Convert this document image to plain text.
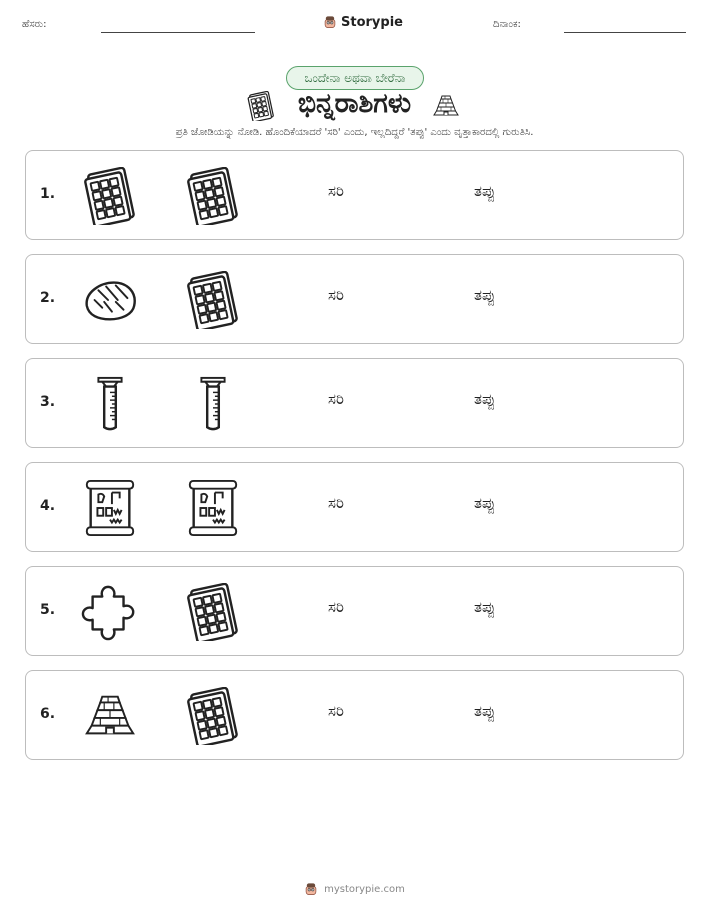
ಹೆಸರು:	Storypie	ದಿನಾಂಕ:
ಒಂದೇನಾ ಅಥವಾ ಬೇರೆನಾ
ಭಿನ್ನರಾಶಿಗಳು
ಪ್ರತಿ ಜೋಡಿಯನ್ನು ನೋಡಿ. ಹೊಂದಿಕೆಯಾದರೆ 'ಸರಿ' ಎಂದು, ಇಲ್ಲದಿದ್ದರೆ 'ತಪ್ಪು' ಎಂದು ವೃತ್ತಾಕಾರದಲ್ಲಿ ಗುರುತಿಸಿ.
1.	ಸರಿ	ತಪ್ಪು
2.	ಸರಿ	ತಪ್ಪು
3.	ಸರಿ	ತಪ್ಪು
4.	ಸರಿ	ತಪ್ಪು
5.	ಸರಿ	ತಪ್ಪು
6.	ಸರಿ	ತಪ್ಪು
mystorypie.com
